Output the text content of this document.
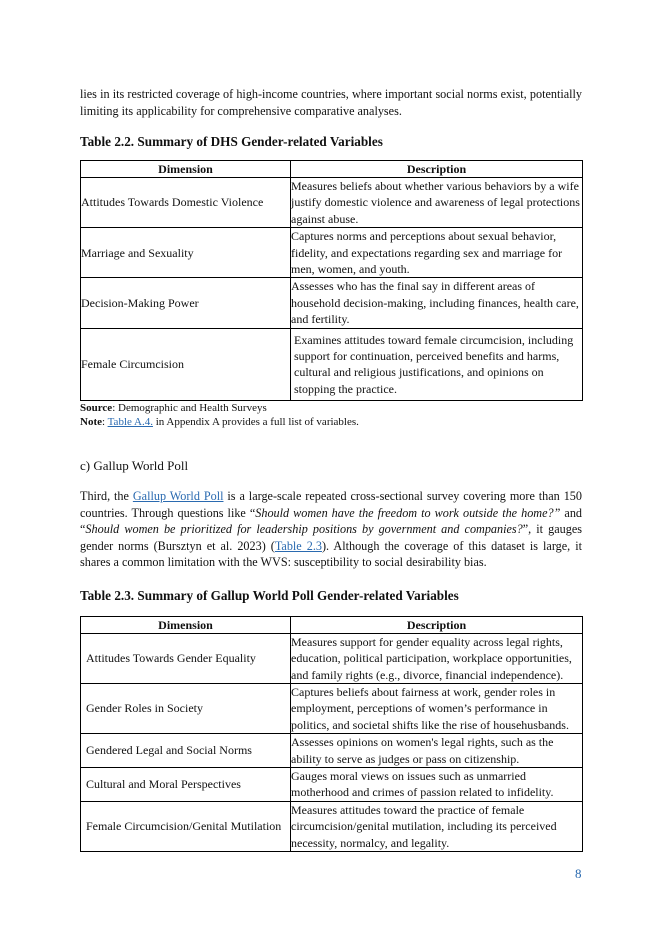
lies in its restricted coverage of high-income countries, where important social norms exist, potentially limiting its applicability for comprehensive comparative analyses.

Table 2.2. Summary of DHS Gender-related Variables

Dimension	Description
Attitudes Towards Domestic Violence	Measures beliefs about whether various behaviors by a wife justify domestic violence and awareness of legal protections against abuse.
Marriage and Sexuality	Captures norms and perceptions about sexual behavior, fidelity, and expectations regarding sex and marriage for men, women, and youth.
Decision-Making Power	Assesses who has the final say in different areas of household decision-making, including finances, health care, and fertility.
Female Circumcision	Examines attitudes toward female circumcision, including support for continuation, perceived benefits and harms, cultural and religious justifications, and opinions on stopping the practice.

Source: Demographic and Health Surveys

Note: Table A.4. in Appendix A provides a full list of variables.

c) Gallup World Poll

Third, the Gallup World Poll is a large-scale repeated cross-sectional survey covering more than 150 countries. Through questions like “Should women have the freedom to work outside the home?” and “Should women be prioritized for leadership positions by government and companies?”, it gauges gender norms (Bursztyn et al. 2023) (Table 2.3). Although the coverage of this dataset is large, it shares a common limitation with the WVS: susceptibility to social desirability bias.

Table 2.3. Summary of Gallup World Poll Gender-related Variables

Dimension	Description
Attitudes Towards Gender Equality	Measures support for gender equality across legal rights, education, political participation, workplace opportunities, and family rights (e.g., divorce, financial independence).
Gender Roles in Society	Captures beliefs about fairness at work, gender roles in employment, perceptions of women’s performance in politics, and societal shifts like the rise of househusbands.
Gendered Legal and Social Norms	Assesses opinions on women's legal rights, such as the ability to serve as judges or pass on citizenship.
Cultural and Moral Perspectives	Gauges moral views on issues such as unmarried motherhood and crimes of passion related to infidelity.
Female Circumcision/Genital Mutilation	Measures attitudes toward the practice of female circumcision/genital mutilation, including its perceived necessity, normalcy, and legality.
8
